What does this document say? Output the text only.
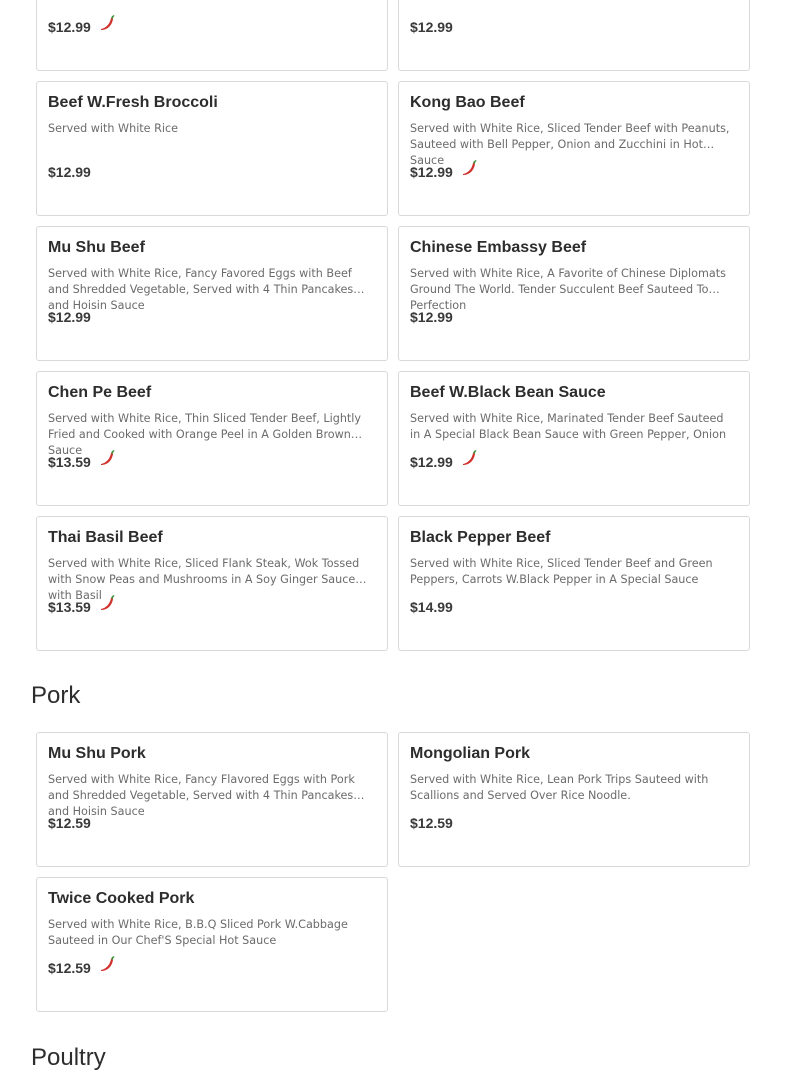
$12.99	$12.99
Beef W.Fresh Broccoli
Served with White Rice
$12.99
Kong Bao Beef
Served with White Rice, Sliced Tender Beef with Peanuts, Sauteed with Bell Pepper, Onion and Zucchini in Hot Sauce
$12.99
Mu Shu Beef
Served with White Rice, Fancy Favored Eggs with Beef and Shredded Vegetable, Served with 4 Thin Pancakes and Hoisin Sauce
$12.99
Chinese Embassy Beef
Served with White Rice, A Favorite of Chinese Diplomats Ground The World. Tender Succulent Beef Sauteed To Perfection
$12.99
Chen Pe Beef
Served with White Rice, Thin Sliced Tender Beef, Lightly Fried and Cooked with Orange Peel in A Golden Brown Sauce
$13.59
Beef W.Black Bean Sauce
Served with White Rice, Marinated Tender Beef Sauteed in A Special Black Bean Sauce with Green Pepper, Onion
$12.99
Thai Basil Beef
Served with White Rice, Sliced Flank Steak, Wok Tossed with Snow Peas and Mushrooms in A Soy Ginger Sauce with Basil
$13.59
Black Pepper Beef
Served with White Rice, Sliced Tender Beef and Green Peppers, Carrots W.Black Pepper in A Special Sauce
$14.99
Pork
Mu Shu Pork
Served with White Rice, Fancy Flavored Eggs with Pork and Shredded Vegetable, Served with 4 Thin Pancakes and Hoisin Sauce
$12.59
Mongolian Pork
Served with White Rice, Lean Pork Trips Sauteed with Scallions and Served Over Rice Noodle.
$12.59
Twice Cooked Pork
Served with White Rice, B.B.Q Sliced Pork W.Cabbage Sauteed in Our Chef'S Special Hot Sauce
$12.59
Poultry
